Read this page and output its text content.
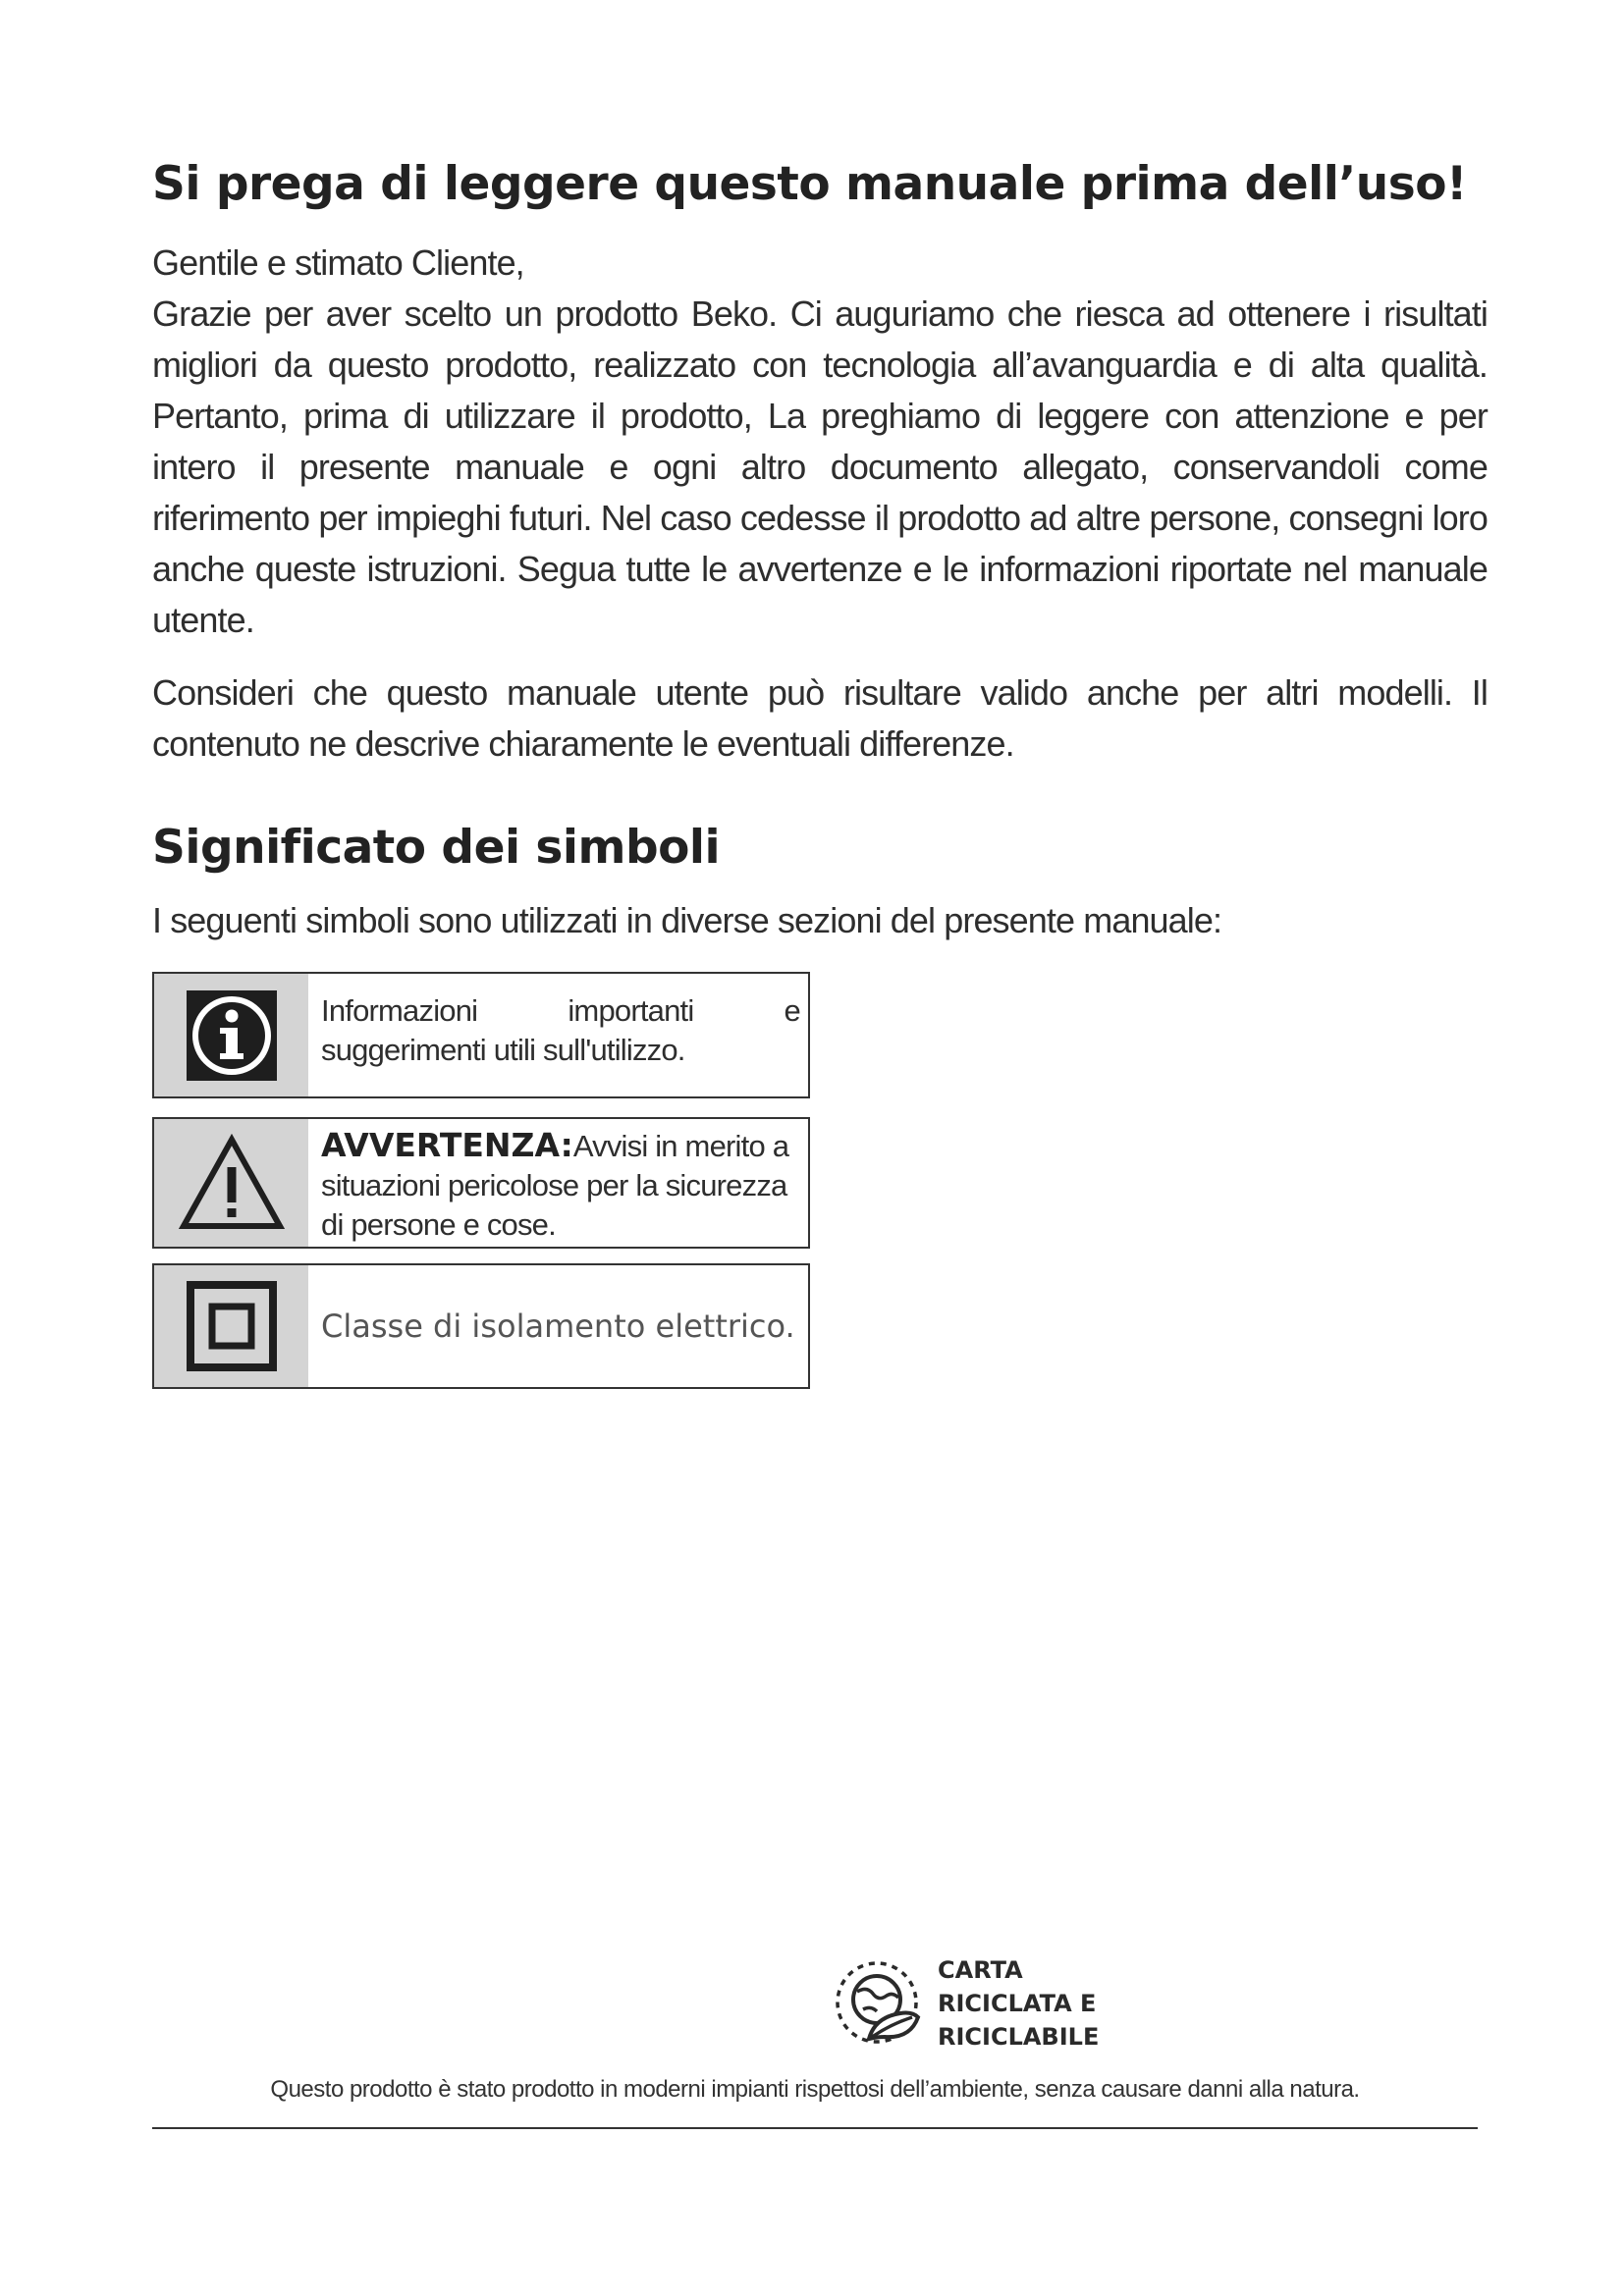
Si prega di leggere questo manuale prima dell’uso!

Gentile e stimato Cliente,

Grazie per aver scelto un prodotto Beko. Ci auguriamo che riesca ad ottenere i risultati migliori da questo prodotto, realizzato con tecnologia all’avanguardia e di alta qualità. Pertanto, prima di utilizzare il prodotto, La preghiamo di leggere con attenzione e per intero il presente manuale e ogni altro documento allegato, conservandoli come riferimento per impieghi futuri. Nel caso cedesse il prodotto ad altre persone, consegni loro anche queste istruzioni. Segua tutte le avvertenze e le informazioni riportate nel manuale utente.

Consideri che questo manuale utente può risultare valido anche per altri modelli. Il contenuto ne descrive chiaramente le eventuali differenze.

Significato dei simboli

I seguenti simboli sono utilizzati in diverse sezioni del presente manuale:

Informazioni	importanti	e
suggerimenti utili sull'utilizzo.
AVVERTENZA:Avvisi in merito a situazioni pericolose per la sicurezza di persone e cose.
Classe di isolamento elettrico.
CARTA
RICICLATA E
RICICLABILE
Questo prodotto è stato prodotto in moderni impianti rispettosi dell’ambiente, senza causare danni alla natura.
